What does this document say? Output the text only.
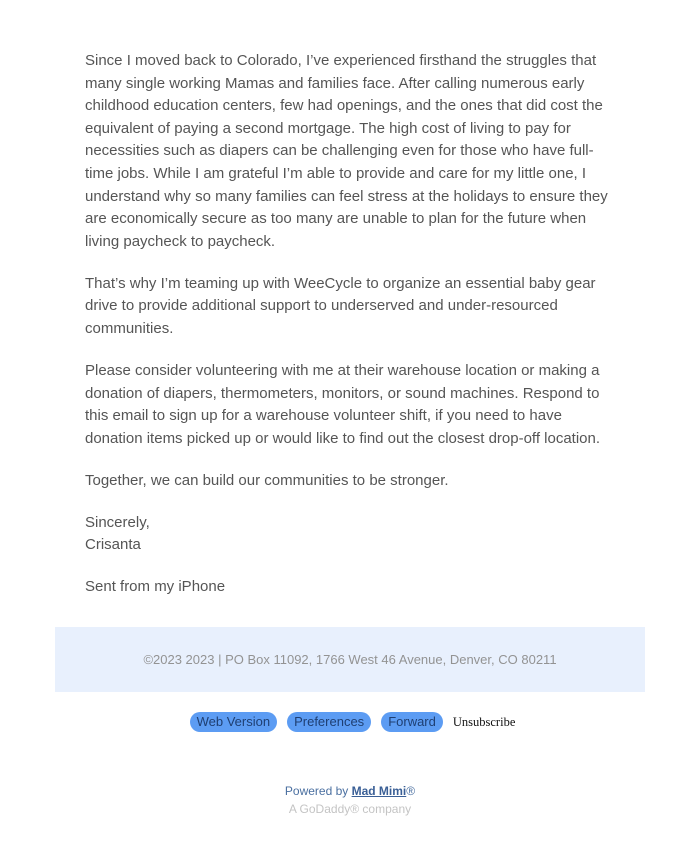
Since I moved back to Colorado, I’ve experienced firsthand the struggles that many single working Mamas and families face. After calling numerous early childhood education centers, few had openings, and the ones that did cost the equivalent of paying a second mortgage. The high cost of living to pay for necessities such as diapers can be challenging even for those who have full-time jobs. While I am grateful I’m able to provide and care for my little one, I understand why so many families can feel stress at the holidays to ensure they are economically secure as too many are unable to plan for the future when living paycheck to paycheck.

That’s why I’m teaming up with WeeCycle to organize an essential baby gear drive to provide additional support to underserved and under-resourced communities.

Please consider volunteering with me at their warehouse location or making a donation of diapers, thermometers, monitors, or sound machines. Respond to this email to sign up for a warehouse volunteer shift, if you need to have donation items picked up or would like to find out the closest drop-off location.

Together, we can build our communities to be stronger.

Sincerely,
Crisanta

Sent from my iPhone

©2023 2023 | PO Box 11092, 1766 West 46 Avenue, Denver, CO 80211
Web Version	Preferences	Forward	Unsubscribe
Powered by Mad Mimi®
A GoDaddy® company
